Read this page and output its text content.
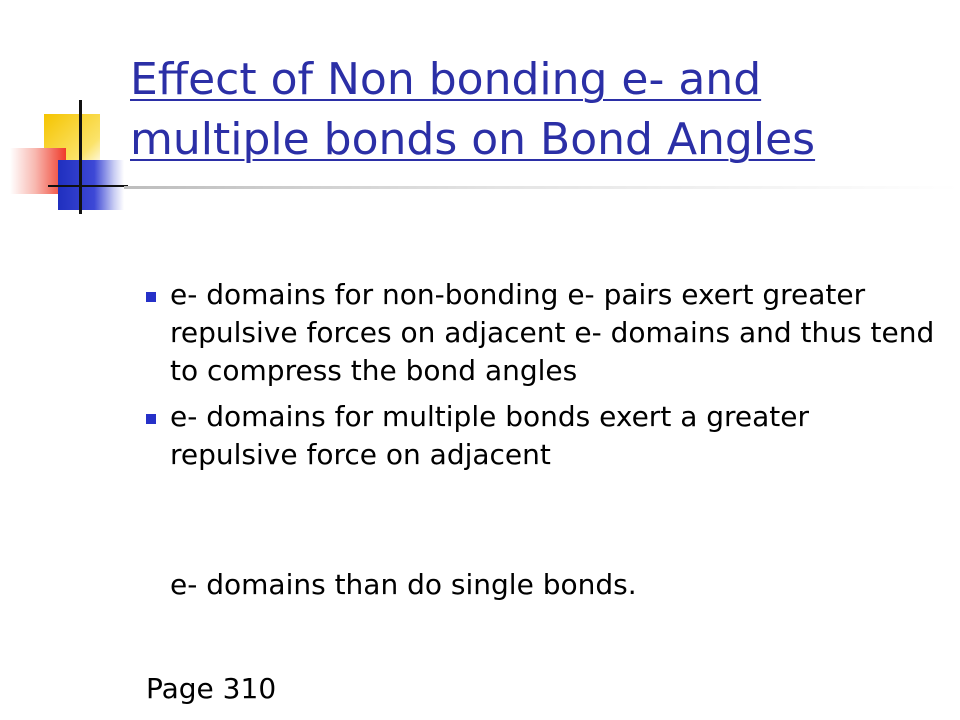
Effect of Non bonding e- and multiple bonds on Bond Angles
e- domains for non-bonding e- pairs exert greater repulsive forces on adjacent e- domains and thus tend to compress the bond angles
e- domains for multiple bonds exert a greater repulsive force on adjacent
e- domains than do single bonds.
Page 310
